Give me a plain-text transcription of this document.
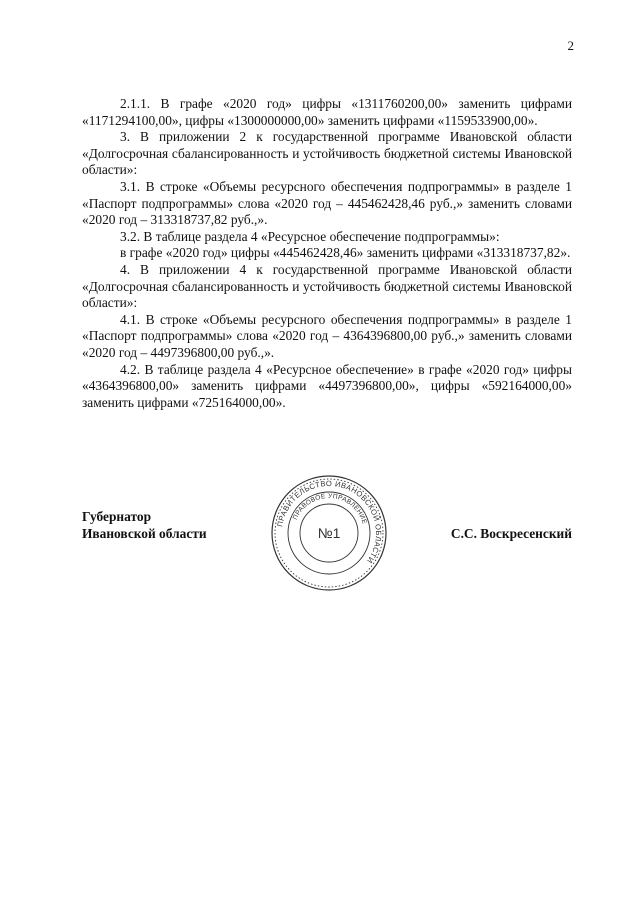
2

2.1.1. В графе «2020 год» цифры «1311760200,00» заменить цифрами «1171294100,00», цифры «1300000000,00» заменить цифрами «1159533900,00».

3. В приложении 2 к государственной программе Ивановской области «Долгосрочная сбалансированность и устойчивость бюджетной системы Ивановской области»:

3.1. В строке «Объемы ресурсного обеспечения подпрограммы» в разделе 1 «Паспорт подпрограммы» слова «2020 год – 445462428,46 руб.,» заменить словами «2020 год – 313318737,82 руб.,».

3.2. В таблице раздела 4 «Ресурсное обеспечение подпрограммы»:

в графе «2020 год» цифры «445462428,46» заменить цифрами «313318737,82».

4. В приложении 4 к государственной программе Ивановской области «Долгосрочная сбалансированность и устойчивость бюджетной системы Ивановской области»:

4.1. В строке «Объемы ресурсного обеспечения подпрограммы» в разделе 1 «Паспорт подпрограммы» слова «2020 год – 4364396800,00 руб.,» заменить словами «2020 год – 4497396800,00 руб.,».

4.2. В таблице раздела 4 «Ресурсное обеспечение» в графе «2020 год» цифры «4364396800,00» заменить цифрами «4497396800,00», цифры «592164000,00» заменить цифрами «725164000,00».

Губернатор
Ивановской области
ПРАВИТЕЛЬСТВО ИВАНОВСКОЙ ОБЛАСТИ
ПРАВОВОЕ УПРАВЛЕНИЕ
№1	С.С. Воскресенский
